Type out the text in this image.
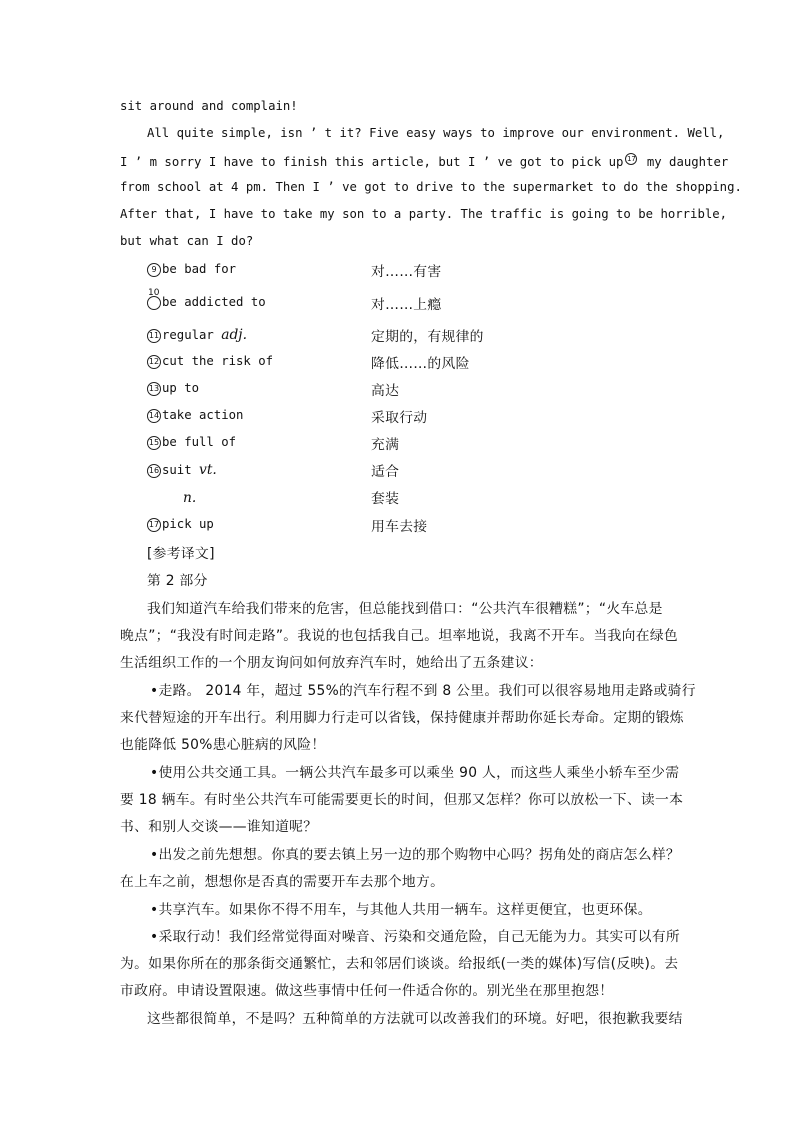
sit around and complain!
All quite simple, isn ’ t it? Five easy ways to improve our environment. Well,
I ’ m sorry I have to finish this article, but I ’ ve got to pick up 17 my daughter
from school at 4 pm. Then I ’ ve got to drive to the supermarket to do the shopping.
After that, I have to take my son to a party. The traffic is going to be horrible,
but what can I do?
9 be bad for	对……有害
10
be addicted to	对……上瘾
11 regular adj.	定期的，有规律的
12 cut the risk of	降低……的风险
13 up to	高达
14 take action	采取行动
15 be full of	充满
16 suit vt.	适合
n.	套装
17 pick up	用车去接
[参考译文]
第 2 部分
我们知道汽车给我们带来的危害，但总能找到借口：“公共汽车很糟糕”；“火车总是
晚点”；“我没有时间走路”。我说的也包括我自己。坦率地说，我离不开车。当我向在绿色
生活组织工作的一个朋友询问如何放弃汽车时，她给出了五条建议：
•走路。 2014 年，超过 55%的汽车行程不到 8 公里。我们可以很容易地用走路或骑行
来代替短途的开车出行。利用脚力行走可以省钱，保持健康并帮助你延长寿命。定期的锻炼
也能降低 50%患心脏病的风险！
•使用公共交通工具。一辆公共汽车最多可以乘坐 90 人，而这些人乘坐小轿车至少需
要 18 辆车。有时坐公共汽车可能需要更长的时间，但那又怎样？你可以放松一下、读一本
书、和别人交谈——谁知道呢？
•出发之前先想想。你真的要去镇上另一边的那个购物中心吗？拐角处的商店怎么样？
在上车之前，想想你是否真的需要开车去那个地方。
•共享汽车。如果你不得不用车，与其他人共用一辆车。这样更便宜，也更环保。
•采取行动！我们经常觉得面对噪音、污染和交通危险，自己无能为力。其实可以有所
为。如果你所在的那条街交通繁忙，去和邻居们谈谈。给报纸(一类的媒体)写信(反映)。去
市政府。申请设置限速。做这些事情中任何一件适合你的。别光坐在那里抱怨！
这些都很简单，不是吗？五种简单的方法就可以改善我们的环境。好吧，很抱歉我要结
